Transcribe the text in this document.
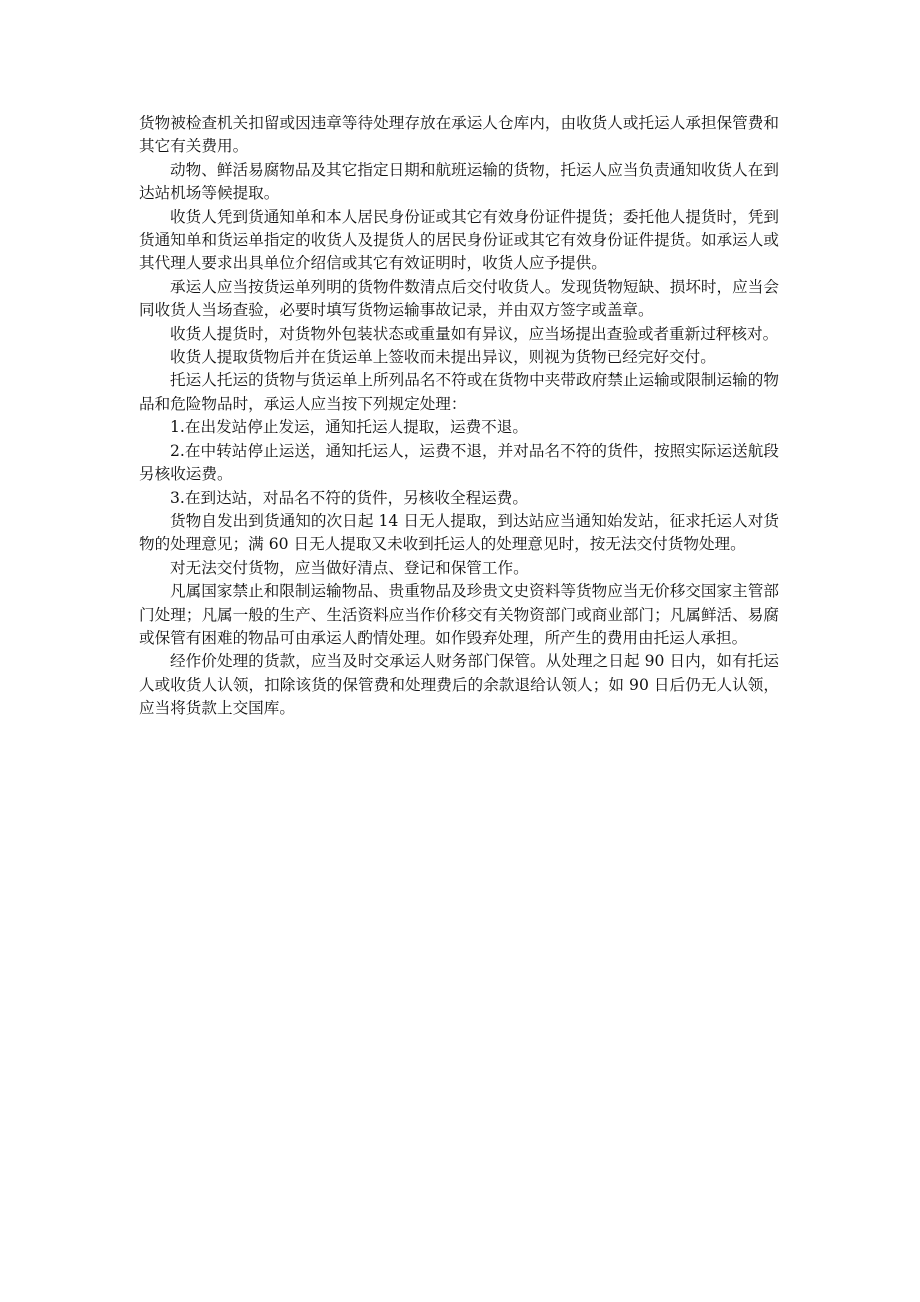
货物被检查机关扣留或因违章等待处理存放在承运人仓库内，由收货人或托运人承担保管费和其它有关费用。

动物、鲜活易腐物品及其它指定日期和航班运输的货物，托运人应当负责通知收货人在到达站机场等候提取。

收货人凭到货通知单和本人居民身份证或其它有效身份证件提货；委托他人提货时，凭到货通知单和货运单指定的收货人及提货人的居民身份证或其它有效身份证件提货。如承运人或其代理人要求出具单位介绍信或其它有效证明时，收货人应予提供。

承运人应当按货运单列明的货物件数清点后交付收货人。发现货物短缺、损坏时，应当会同收货人当场查验，必要时填写货物运输事故记录，并由双方签字或盖章。

收货人提货时，对货物外包装状态或重量如有异议，应当场提出查验或者重新过秤核对。

收货人提取货物后并在货运单上签收而未提出异议，则视为货物已经完好交付。

托运人托运的货物与货运单上所列品名不符或在货物中夹带政府禁止运输或限制运输的物品和危险物品时，承运人应当按下列规定处理：

1.在出发站停止发运，通知托运人提取，运费不退。

2.在中转站停止运送，通知托运人，运费不退，并对品名不符的货件，按照实际运送航段另核收运费。

3.在到达站，对品名不符的货件，另核收全程运费。

货物自发出到货通知的次日起 14 日无人提取，到达站应当通知始发站，征求托运人对货物的处理意见；满 60 日无人提取又未收到托运人的处理意见时，按无法交付货物处理。

对无法交付货物，应当做好清点、登记和保管工作。

凡属国家禁止和限制运输物品、贵重物品及珍贵文史资料等货物应当无价移交国家主管部门处理；凡属一般的生产、生活资料应当作价移交有关物资部门或商业部门；凡属鲜活、易腐或保管有困难的物品可由承运人酌情处理。如作毁弃处理，所产生的费用由托运人承担。

经作价处理的货款，应当及时交承运人财务部门保管。从处理之日起 90 日内，如有托运人或收货人认领，扣除该货的保管费和处理费后的余款退给认领人；如 90 日后仍无人认领，应当将货款上交国库。
